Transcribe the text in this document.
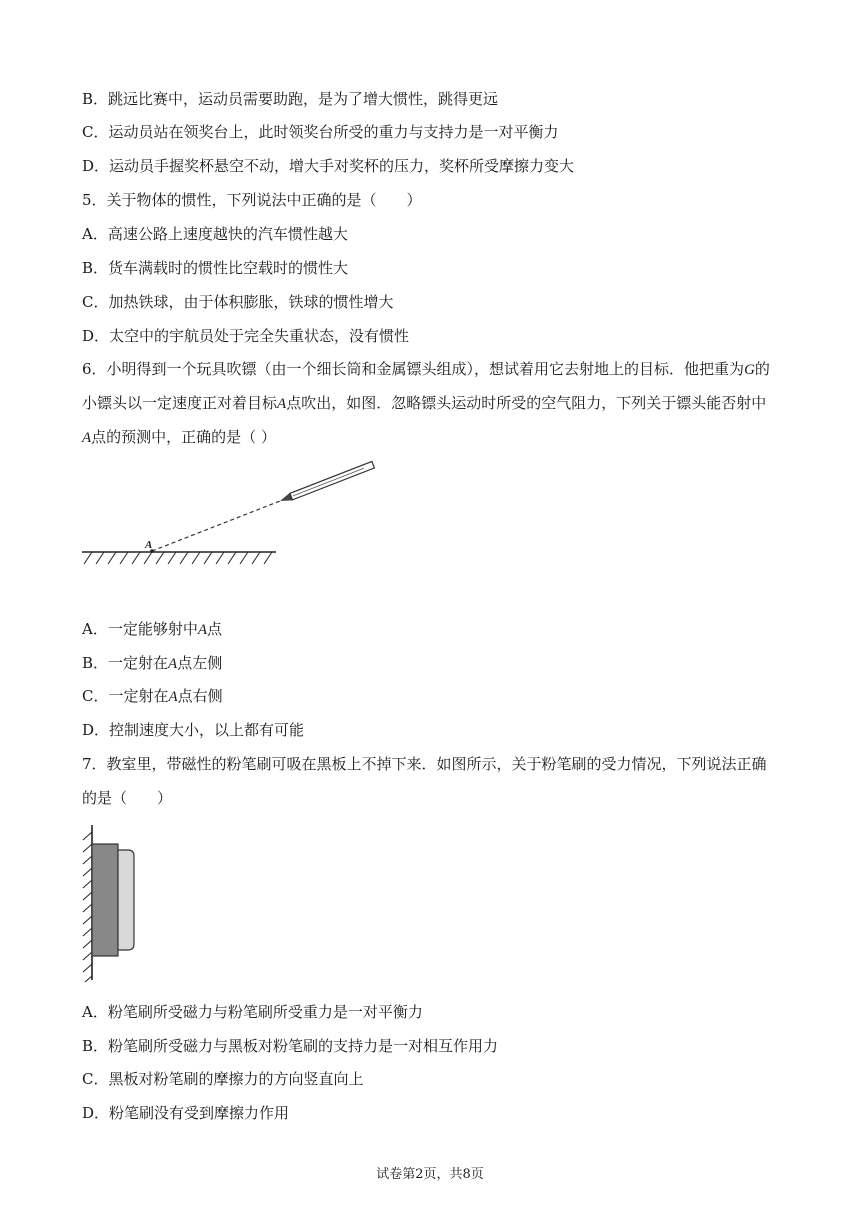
B．跳远比赛中，运动员需要助跑，是为了增大惯性，跳得更远
C．运动员站在领奖台上，此时领奖台所受的重力与支持力是一对平衡力
D．运动员手握奖杯悬空不动，增大手对奖杯的压力，奖杯所受摩擦力变大
5．关于物体的惯性，下列说法中正确的是（　　）
A．高速公路上速度越快的汽车惯性越大
B．货车满载时的惯性比空载时的惯性大
C．加热铁球，由于体积膨胀，铁球的惯性增大
D．太空中的宇航员处于完全失重状态，没有惯性
6．小明得到一个玩具吹镖（由一个细长筒和金属镖头组成），想试着用它去射地上的目标．他把重为G的
小镖头以一定速度正对着目标A点吹出，如图．忽略镖头运动时所受的空气阻力，下列关于镖头能否射中
A点的预测中，正确的是（ ）
A
A．一定能够射中A点
B．一定射在A点左侧
C．一定射在A点右侧
D．控制速度大小，以上都有可能
7．教室里，带磁性的粉笔刷可吸在黑板上不掉下来．如图所示，关于粉笔刷的受力情况，下列说法正确
的是（　　）
A．粉笔刷所受磁力与粉笔刷所受重力是一对平衡力
B．粉笔刷所受磁力与黑板对粉笔刷的支持力是一对相互作用力
C．黑板对粉笔刷的摩擦力的方向竖直向上
D．粉笔刷没有受到摩擦力作用
试卷第2页，共8页
